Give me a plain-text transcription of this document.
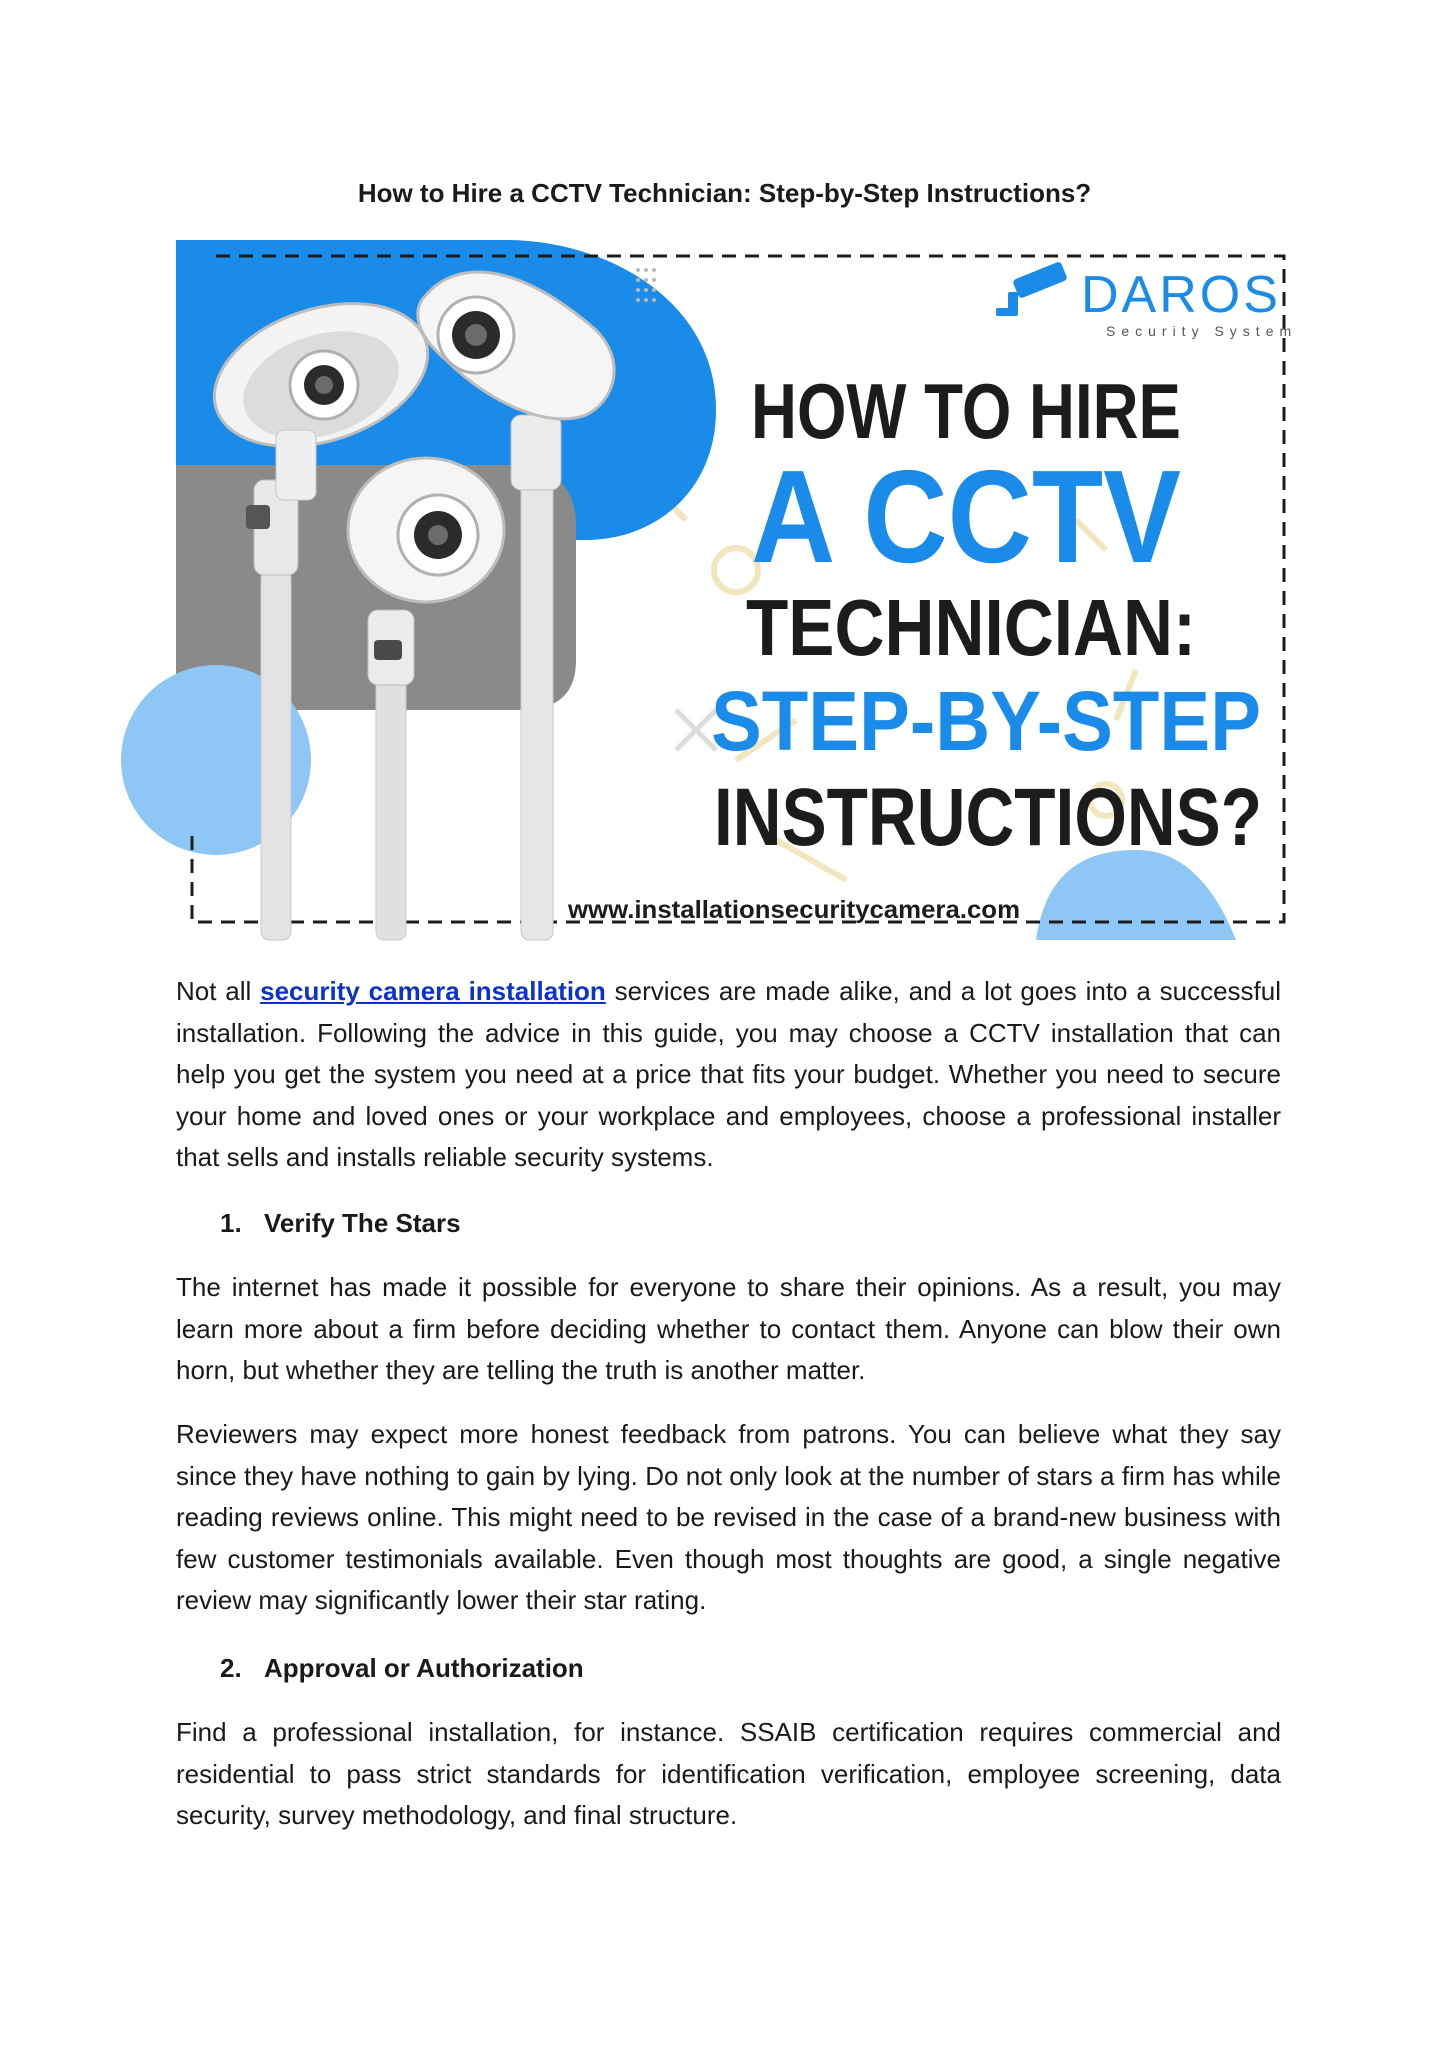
How to Hire a CCTV Technician: Step-by-Step Instructions?
DAROS
Security System
HOW TO HIRE
A CCTV
TECHNICIAN:
STEP-BY-STEP
INSTRUCTIONS?
www.installationsecuritycamera.com

Not all security camera installation services are made alike, and a lot goes into a successful installation. Following the advice in this guide, you may choose a CCTV installation that can help you get the system you need at a price that fits your budget. Whether you need to secure your home and loved ones or your workplace and employees, choose a professional installer that sells and installs reliable security systems.

1. Verify The Stars

The internet has made it possible for everyone to share their opinions. As a result, you may learn more about a firm before deciding whether to contact them. Anyone can blow their own horn, but whether they are telling the truth is another matter.

Reviewers may expect more honest feedback from patrons. You can believe what they say since they have nothing to gain by lying. Do not only look at the number of stars a firm has while reading reviews online. This might need to be revised in the case of a brand-new business with few customer testimonials available. Even though most thoughts are good, a single negative review may significantly lower their star rating.

2. Approval or Authorization

Find a professional installation, for instance. SSAIB certification requires commercial and residential to pass strict standards for identification verification, employee screening, data security, survey methodology, and final structure.
